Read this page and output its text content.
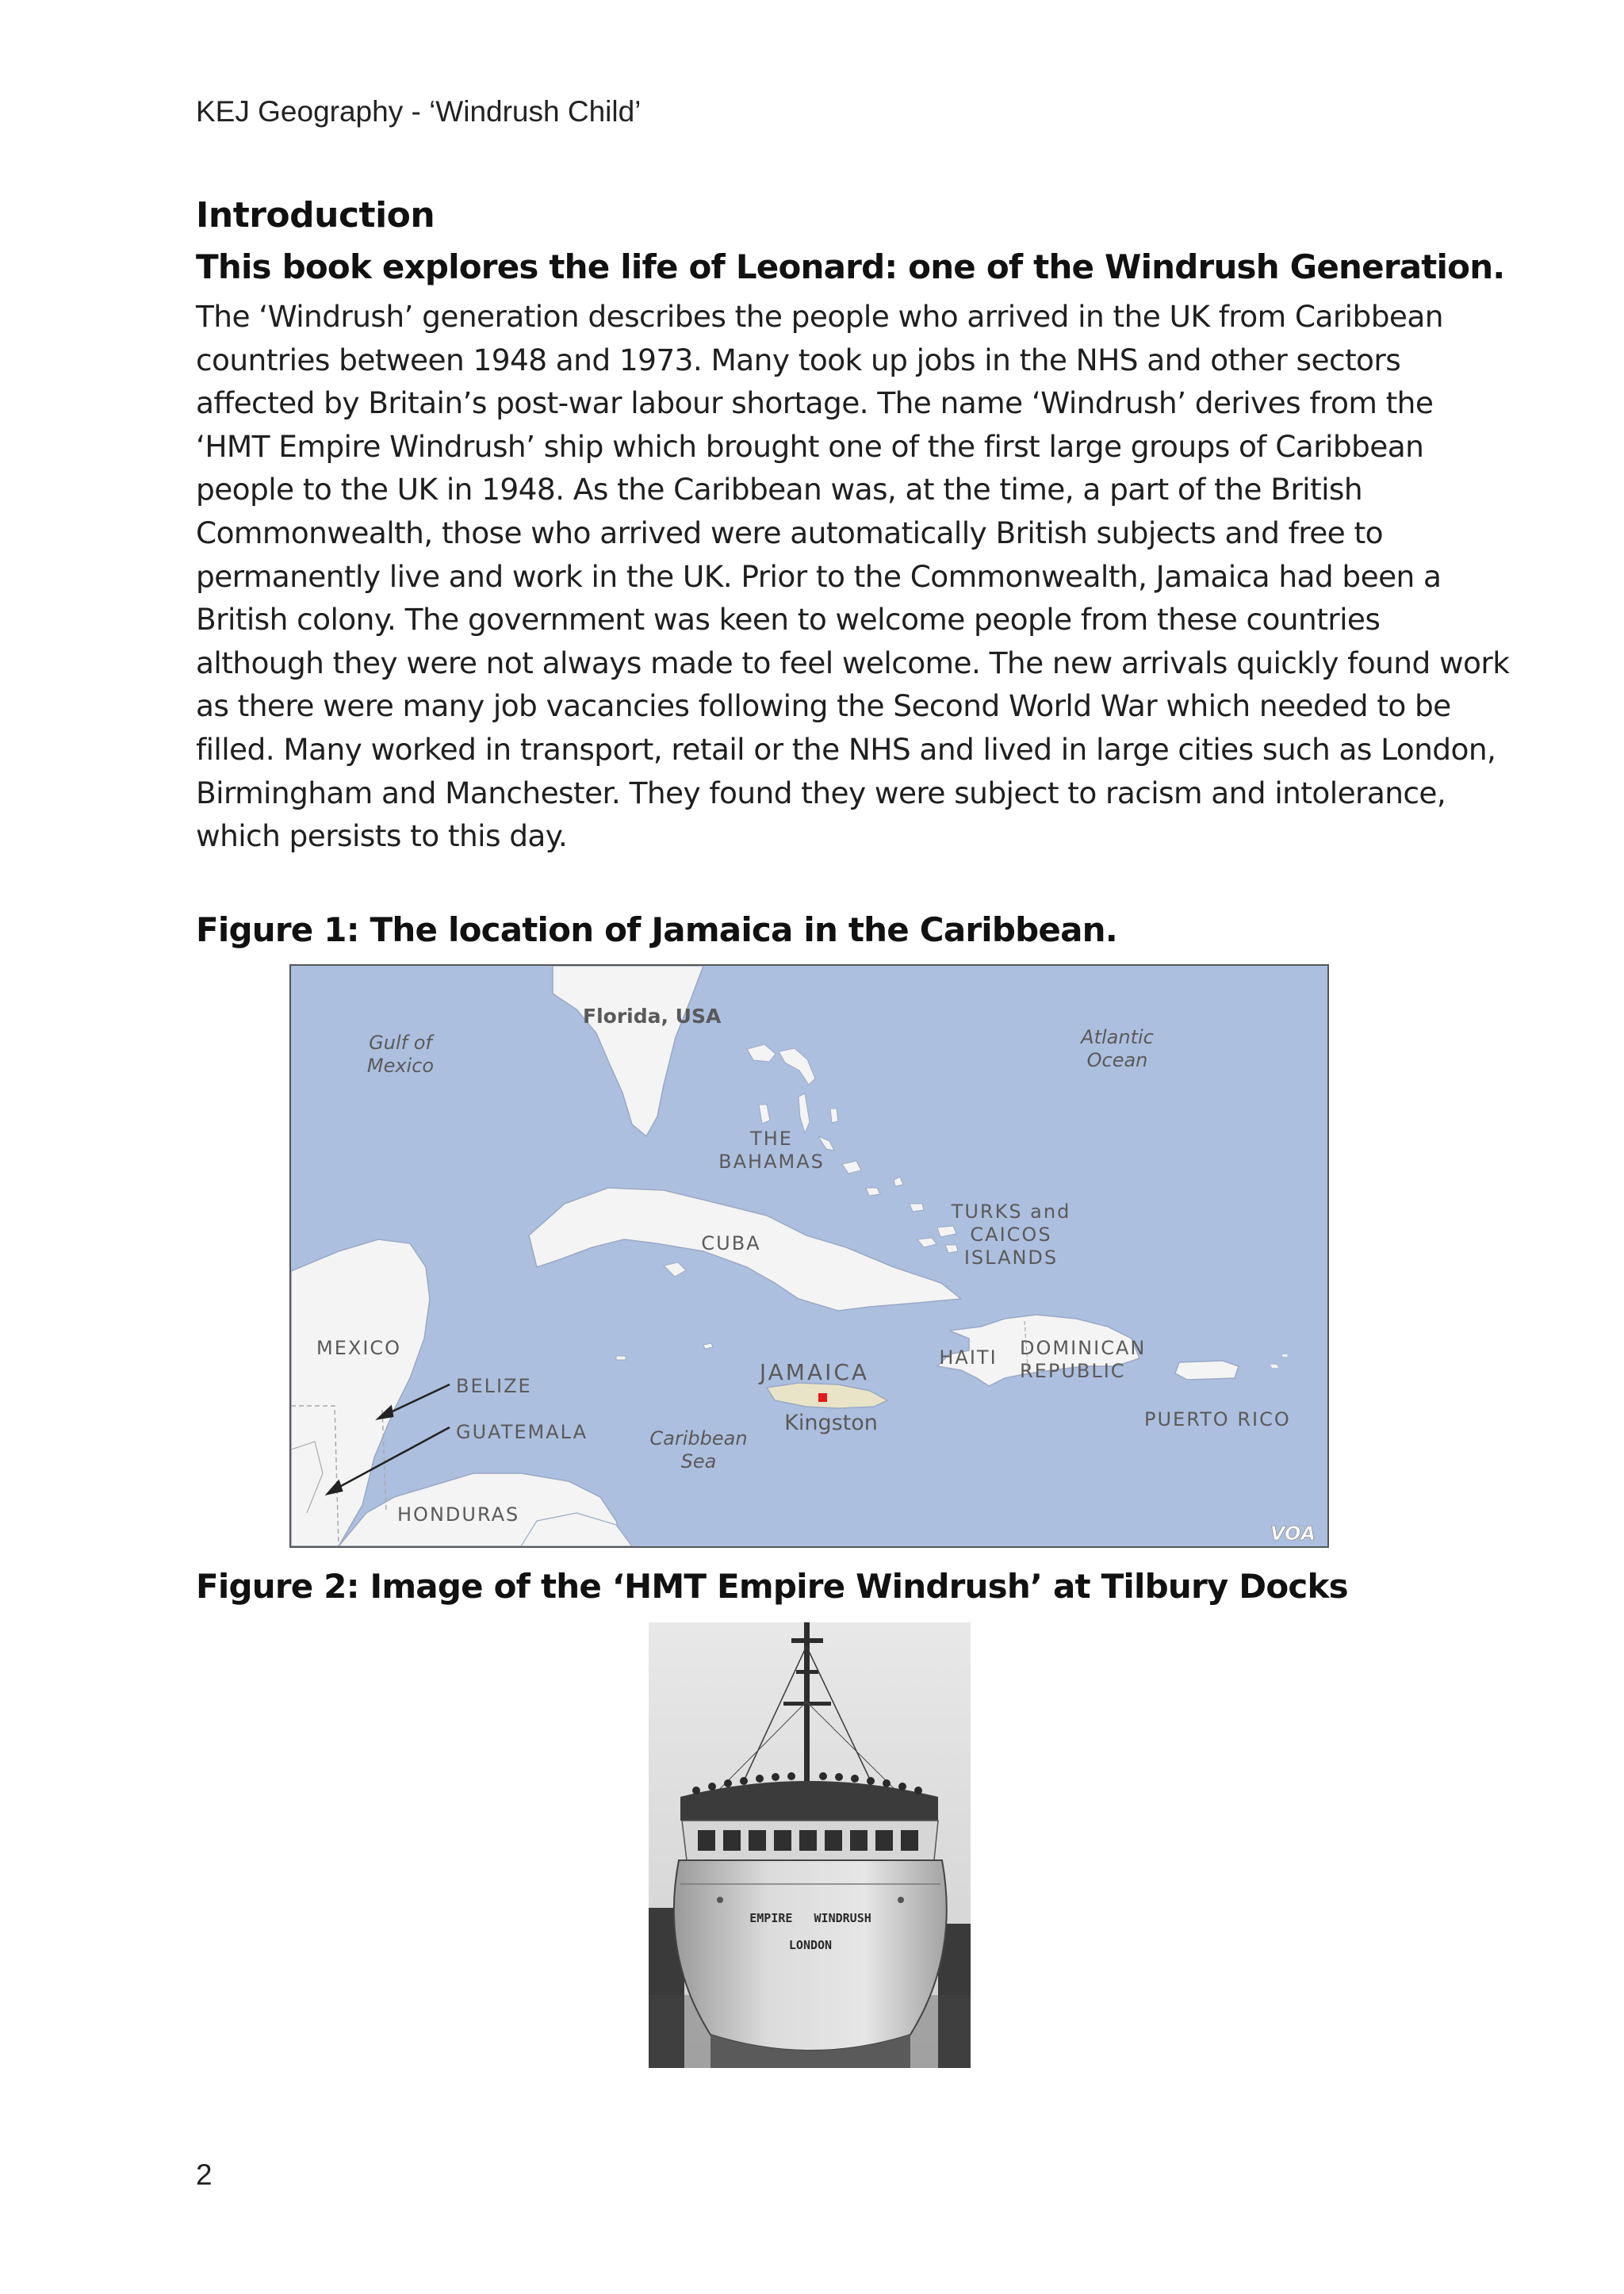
KEJ Geography - ‘Windrush Child’
Introduction
This book explores the life of Leonard: one of the Windrush Generation.
The ‘Windrush’ generation describes the people who arrived in the UK from Caribbean
countries between 1948 and 1973. Many took up jobs in the NHS and other sectors
affected by Britain’s post-war labour shortage. The name ‘Windrush’ derives from the
‘HMT Empire Windrush’ ship which brought one of the first large groups of Caribbean
people to the UK in 1948. As the Caribbean was, at the time, a part of the British
Commonwealth, those who arrived were automatically British subjects and free to
permanently live and work in the UK. Prior to the Commonwealth, Jamaica had been a
British colony. The government was keen to welcome people from these countries
although they were not always made to feel welcome. The new arrivals quickly found work
as there were many job vacancies following the Second World War which needed to be
filled. Many worked in transport, retail or the NHS and lived in large cities such as London,
Birmingham and Manchester. They found they were subject to racism and intolerance,
which persists to this day.
Figure 1: The location of Jamaica in the Caribbean.
Florida, USA
Gulf of
Mexico
Atlantic
Ocean
THE
BAHAMAS
TURKS and
CAICOS
ISLANDS
CUBA
MEXICO
BELIZE
GUATEMALA
HONDURAS
JAMAICA
Kingston
HAITI DOMINICAN
REPUBLIC
PUERTO RICO
Caribbean
Sea
VOA
Figure 2: Image of the ‘HMT Empire Windrush’ at Tilbury Docks
EMPIRE   WINDRUSH
LONDON
2
